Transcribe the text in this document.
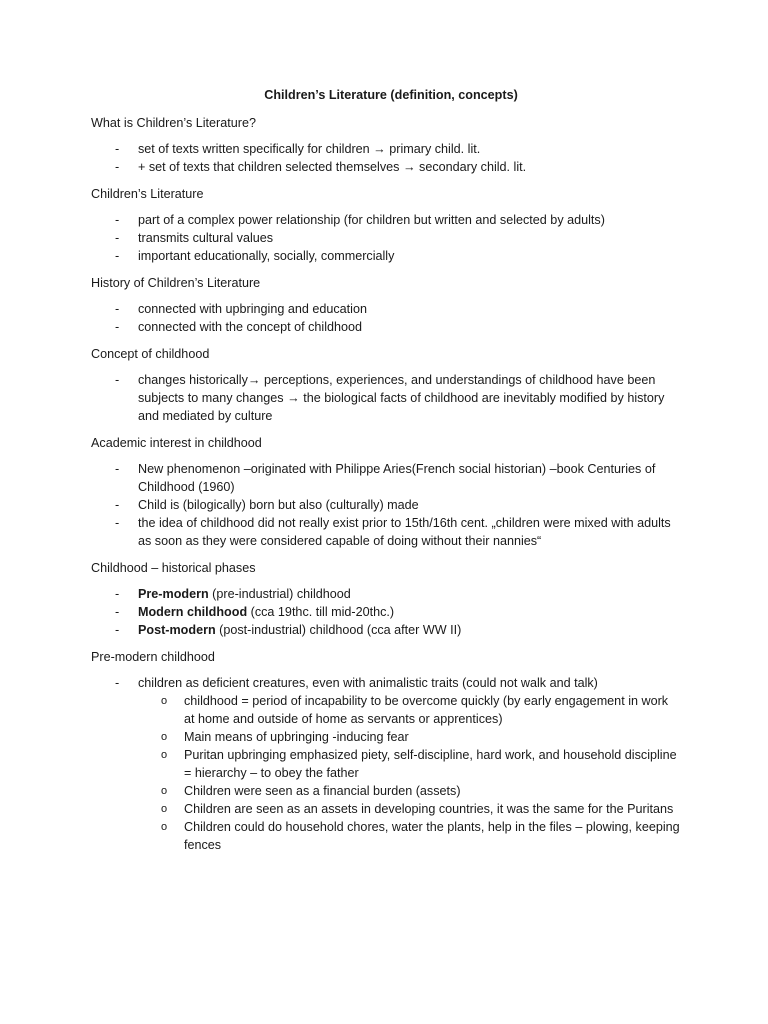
Children’s Literature (definition, concepts)
What is Children’s Literature?
- set of texts written specifically for children → primary child. lit.
- + set of texts that children selected themselves → secondary child. lit.
Children’s Literature
- part of a complex power relationship (for children but written and selected by adults)
- transmits cultural values
- important educationally, socially, commercially
History of Children’s Literature
- connected with upbringing and education
- connected with the concept of childhood
Concept of childhood
- changes historically→ perceptions, experiences, and understandings of childhood have been subjects to many changes → the biological facts of childhood are inevitably modified by history and mediated by culture
Academic interest in childhood
- New phenomenon –originated with Philippe Aries(French social historian) –book Centuries of Childhood (1960)
- Child is (bilogically) born but also (culturally) made
- the idea of childhood did not really exist prior to 15th/16th cent. „children were mixed with adults as soon as they were considered capable of doing without their nannies“
Childhood – historical phases
- Pre-modern (pre-industrial) childhood
- Modern childhood (cca 19thc. till mid-20thc.)
- Post-modern (post-industrial) childhood (cca after WW II)
Pre-modern childhood
- children as deficient creatures, even with animalistic traits (could not walk and talk)
o childhood = period of incapability to be overcome quickly (by early engagement in work at home and outside of home as servants or apprentices)
o Main means of upbringing -inducing fear
o Puritan upbringing emphasized piety, self-discipline, hard work, and household discipline = hierarchy – to obey the father
o Children were seen as a financial burden (assets)
o Children are seen as an assets in developing countries, it was the same for the Puritans
o Children could do household chores, water the plants, help in the files – plowing, keeping fences
